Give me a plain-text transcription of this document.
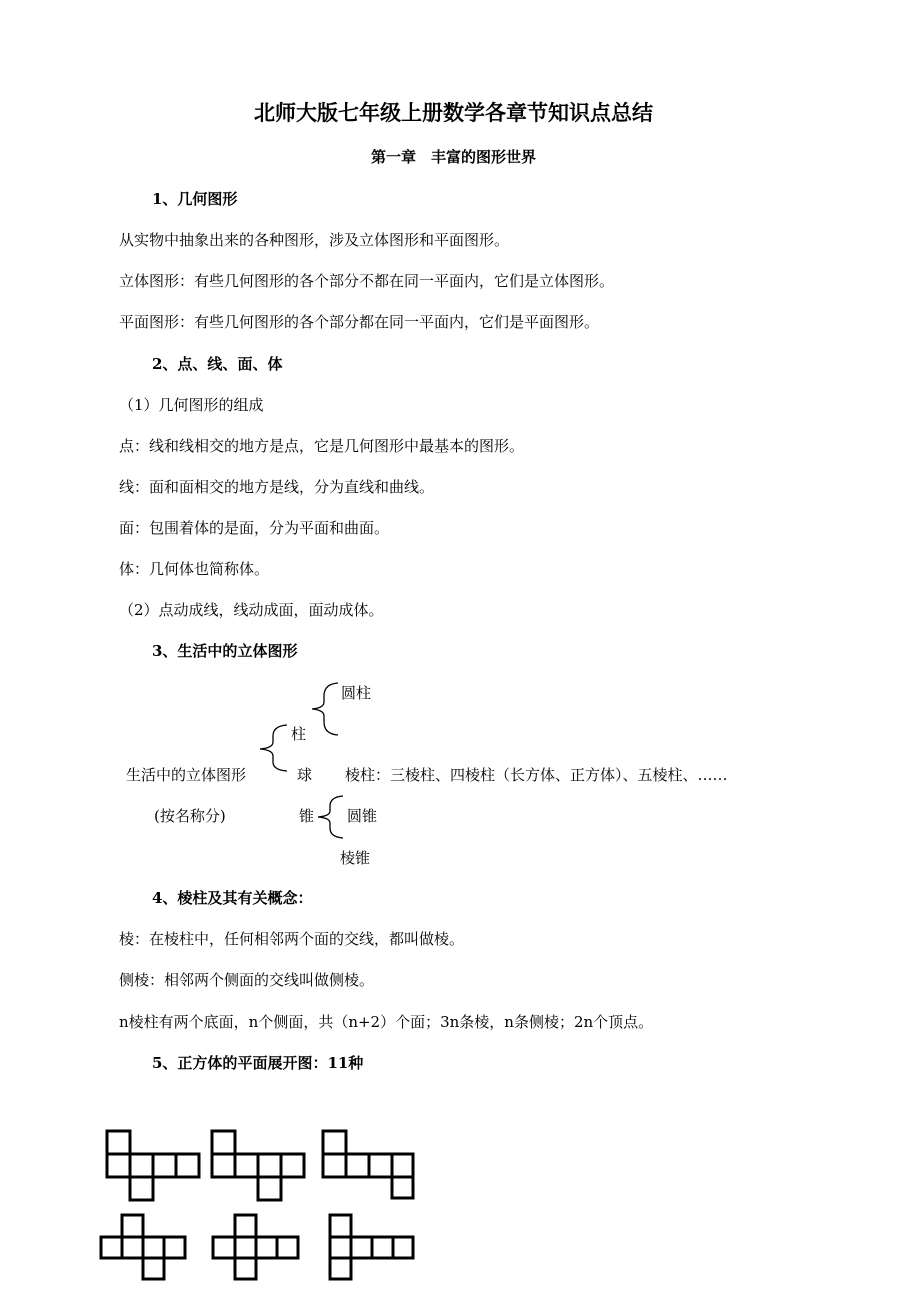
北师大版七年级上册数学各章节知识点总结
第一章　丰富的图形世界
1、几何图形
从实物中抽象出来的各种图形，涉及立体图形和平面图形。
立体图形：有些几何图形的各个部分不都在同一平面内，它们是立体图形。
平面图形：有些几何图形的各个部分都在同一平面内，它们是平面图形。
2、点、线、面、体
（1）几何图形的组成
点：线和线相交的地方是点，它是几何图形中最基本的图形。
线：面和面相交的地方是线，分为直线和曲线。
面：包围着体的是面，分为平面和曲面。
体：几何体也简称体。
（2）点动成线，线动成面，面动成体。
3、生活中的立体图形
圆柱
柱
生活中的立体图形	球 棱柱：三棱柱、四棱柱（长方体、正方体）、五棱柱、……
(按名称分)	锥 圆锥
棱锥
4、棱柱及其有关概念：
棱：在棱柱中，任何相邻两个面的交线，都叫做棱。
侧棱：相邻两个侧面的交线叫做侧棱。
n棱柱有两个底面，n个侧面，共（n+2）个面；3n条棱，n条侧棱；2n个顶点。
5、正方体的平面展开图：11种
